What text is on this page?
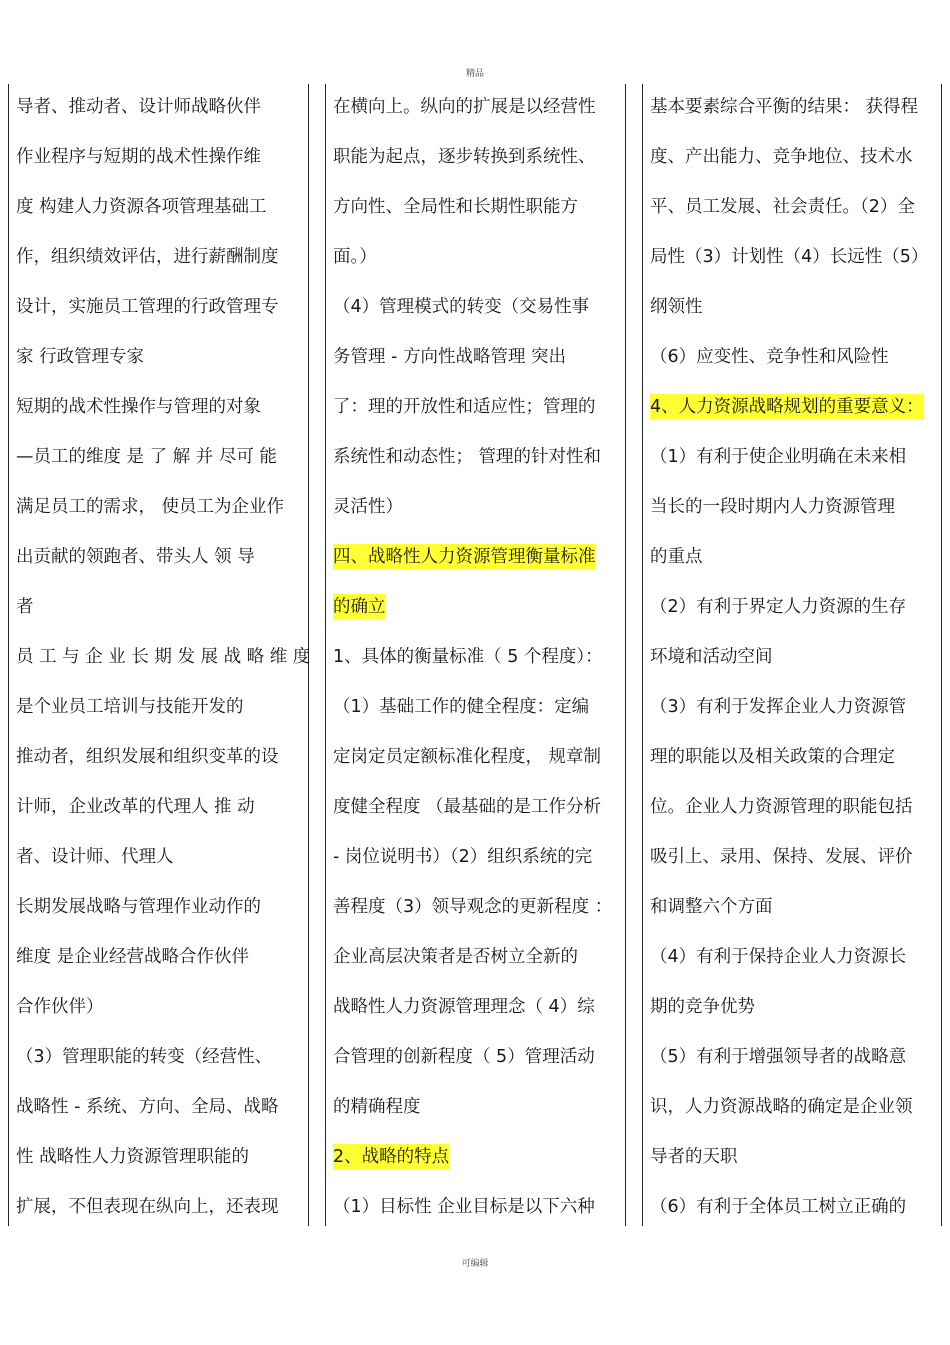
精品
导者、推动者、设计师战略伙伴
作业程序与短期的战术性操作维
度 构建人力资源各项管理基础工
作，组织绩效评估，进行薪酬制度
设计，实施员工管理的行政管理专
家 行政管理专家
短期的战术性操作与管理的对象
—员工的维度 是 了 解 并 尽可 能
满足员工的需求， 使员工为企业作
出贡献的领跑者、带头人 领 导
者
员 工 与 企 业 长 期 发 展 战 略 维 度
是个业员工培训与技能开发的
推动者，组织发展和组织变革的设
计师，企业改革的代理人 推 动
者、设计师、代理人
长期发展战略与管理作业动作的
维度 是企业经营战略合作伙伴
合作伙伴）
（3）管理职能的转变（经营性、
战略性 - 系统、方向、全局、战略
性 战略性人力资源管理职能的
扩展，不但表现在纵向上，还表现
在横向上。纵向的扩展是以经营性
职能为起点，逐步转换到系统性、
方向性、全局性和长期性职能方
面。）
（4）管理模式的转变（交易性事
务管理 - 方向性战略管理 突出
了：理的开放性和适应性；管理的
系统性和动态性； 管理的针对性和
灵活性）
四、战略性人力资源管理衡量标准
的确立
1、具体的衡量标准（ 5 个程度）：
（1）基础工作的健全程度：定编
定岗定员定额标准化程度， 规章制
度健全程度 （最基础的是工作分析
- 岗位说明书）（2）组织系统的完
善程度（3）领导观念的更新程度 ：
企业高层决策者是否树立全新的
战略性人力资源管理理念（ 4）综
合管理的创新程度（ 5）管理活动
的精确程度
2、战略的特点
（1）目标性 企业目标是以下六种
基本要素综合平衡的结果： 获得程
度、产出能力、竞争地位、技术水
平、员工发展、社会责任。（2）全
局性（3）计划性（4）长远性（5）
纲领性
（6）应变性、竞争性和风险性
4、人力资源战略规划的重要意义：
（1）有利于使企业明确在未来相
当长的一段时期内人力资源管理
的重点
（2）有利于界定人力资源的生存
环境和活动空间
（3）有利于发挥企业人力资源管
理的职能以及相关政策的合理定
位。企业人力资源管理的职能包括
吸引上、录用、保持、发展、评价
和调整六个方面
（4）有利于保持企业人力资源长
期的竞争优势
（5）有利于增强领导者的战略意
识，人力资源战略的确定是企业领
导者的天职
（6）有利于全体员工树立正确的
可编辑
